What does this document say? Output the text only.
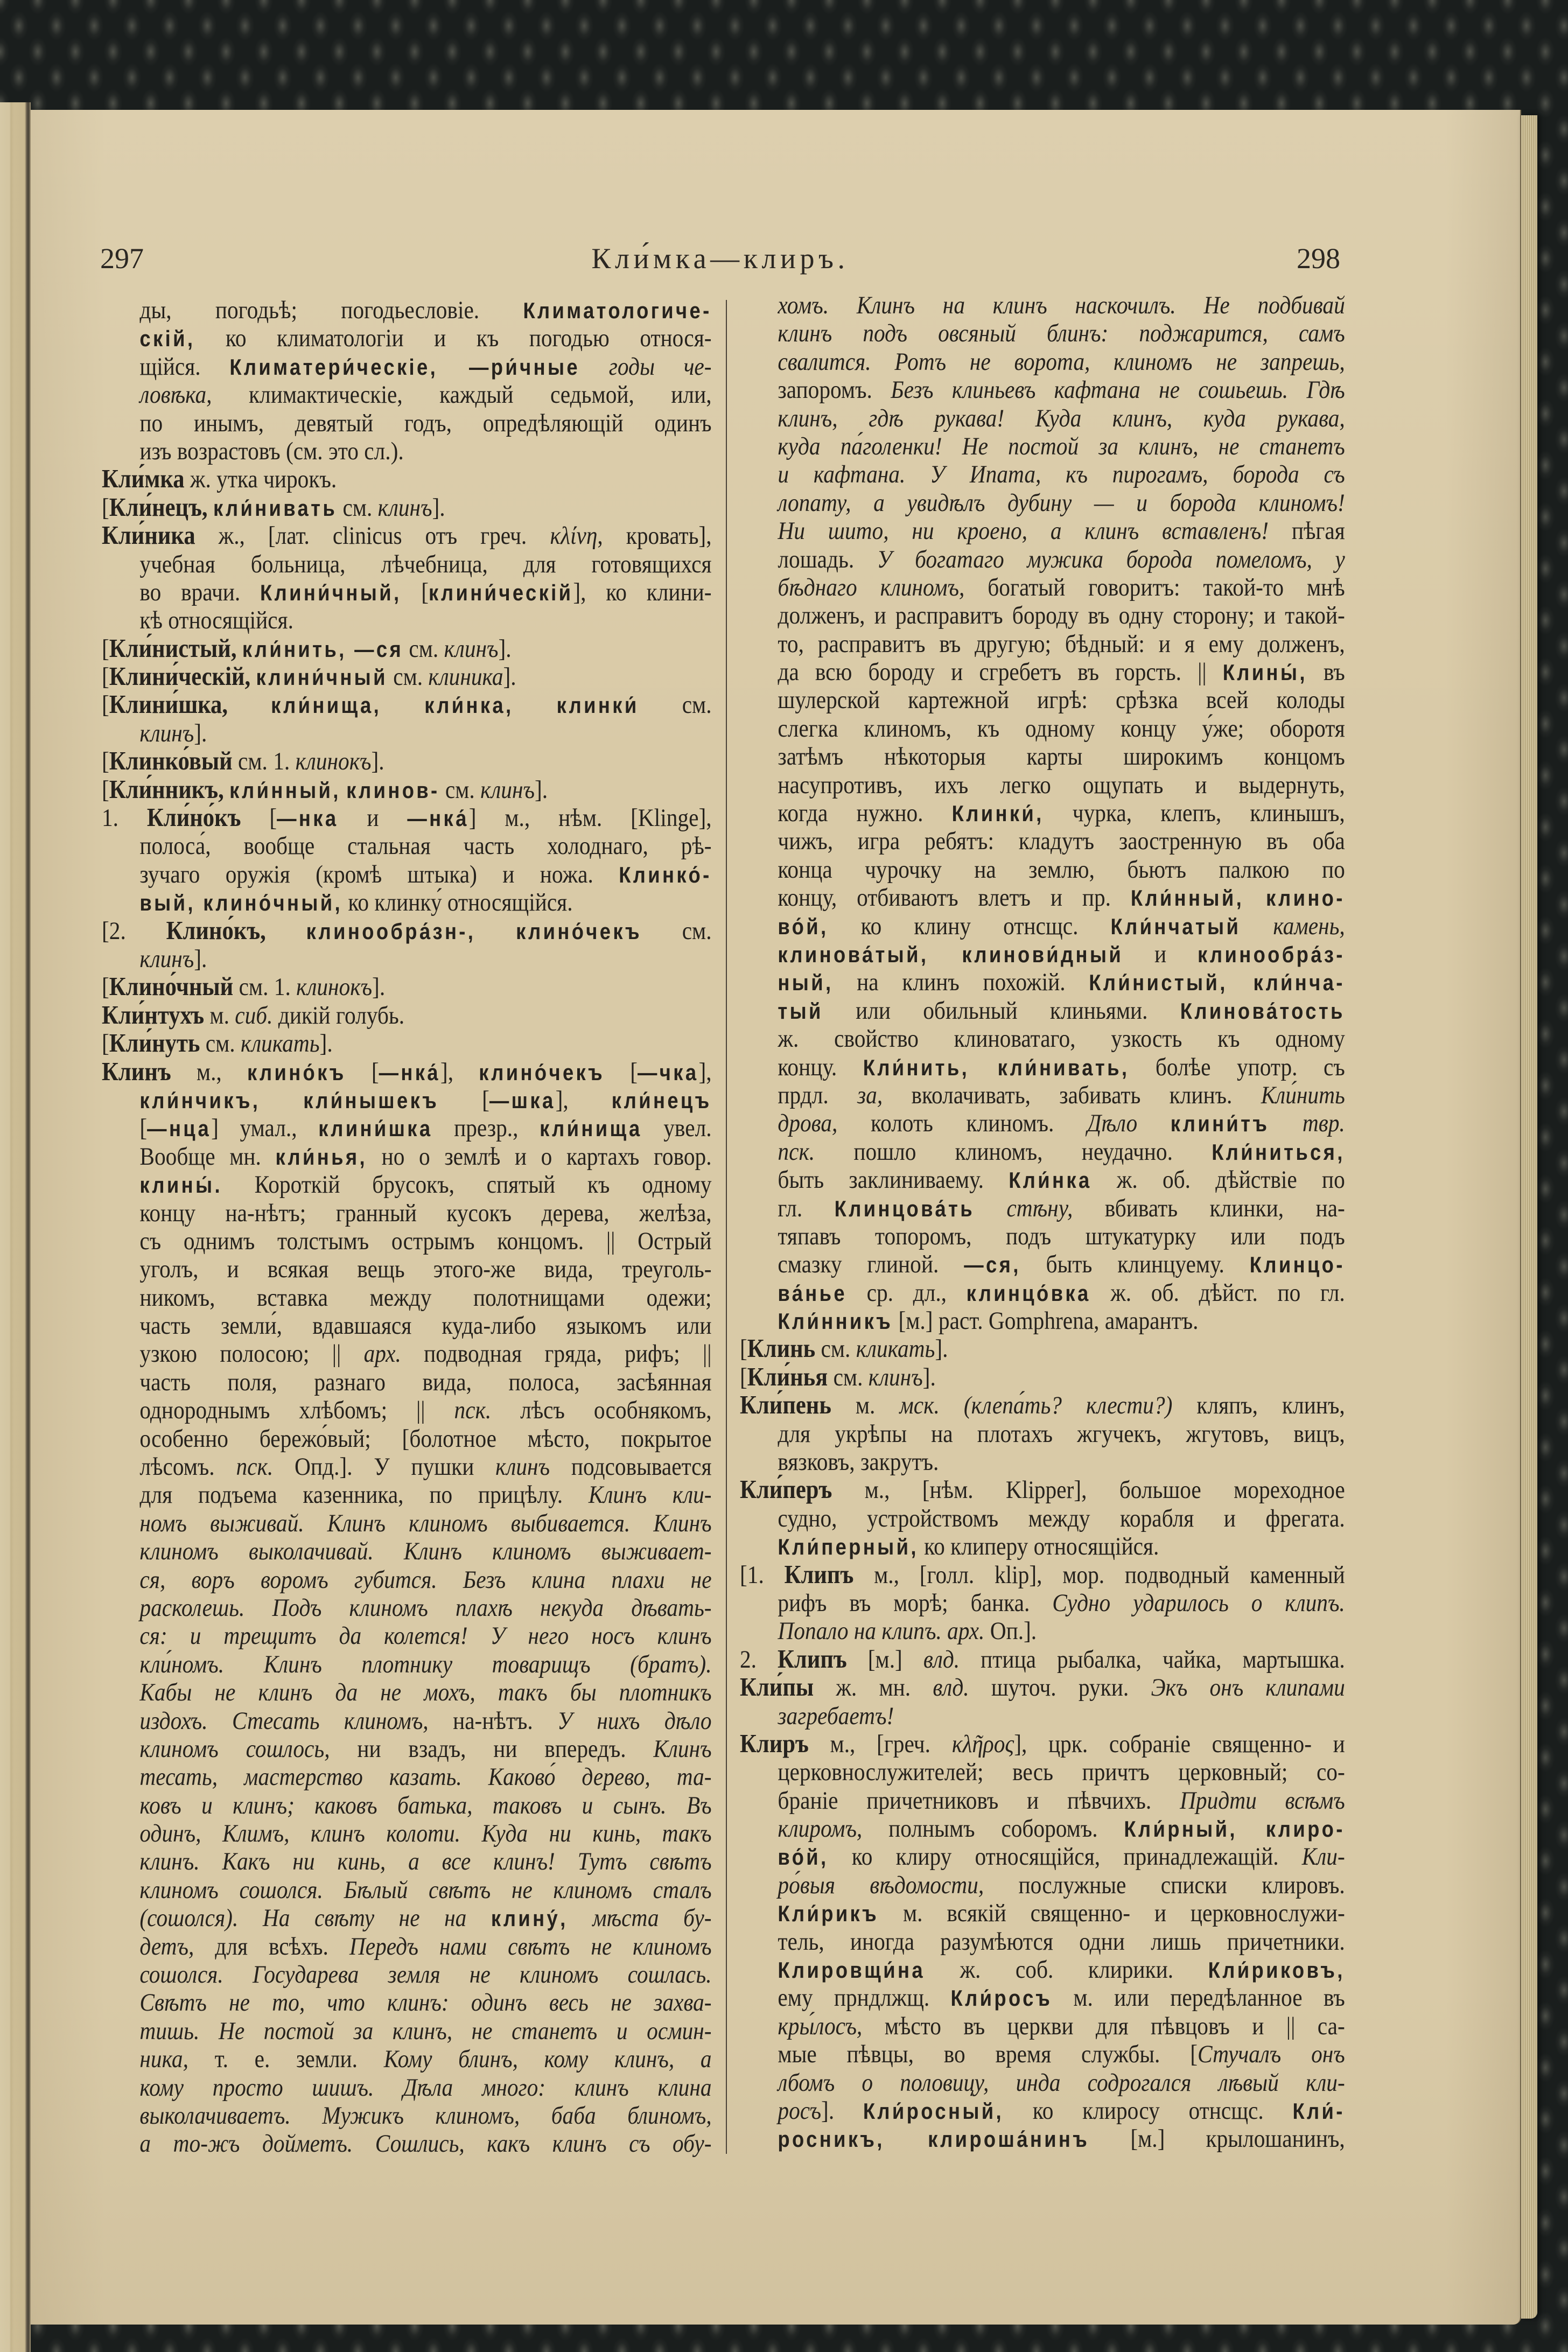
297	Кли́мка—клиръ.	298
ды, погодьѣ; погодьесловіе. Климатологиче-
скій, ко климатологіи и къ погодью относя-
щійся. Климатери́ческіе, —ри́чные годы че-
ловѣка, климактическіе, каждый седьмой, или,
по инымъ, девятый годъ, опредѣляющій одинъ
изъ возрастовъ (см. это сл.).
Кли́мка ж. утка чирокъ.
[Кли́нецъ, кли́нивать см. клинъ].
Кли́ника ж., [лат. clinicus отъ греч. κλίνη, кровать],
учебная больница, лѣчебница, для готовящихся
во врачи. Клини́чный, [клини́ческій], ко клини-
кѣ относящійся.
[Кли́нистый, кли́нить, —ся см. клинъ].
[Клини́ческій, клини́чный см. клиника].
[Клини́шка, кли́нища, кли́нка, клинки́ см.
клинъ].
[Клинко́вый см. 1. клинокъ].
[Кли́нникъ, кли́нный, клинов- см. клинъ].
1. Кли́но́къ [—нка и —нка́] м., нѣм. [Klinge],
полоса́, вообще стальная часть холоднаго, рѣ-
зучаго оружія (кромѣ штыка) и ножа. Клинко́-
вый, клино́чный, ко клинку́ относящійся.
[2. Клино́къ, клинообра́зн-, клино́чекъ см.
клинъ].
[Клино́чный см. 1. клинокъ].
Кли́нтухъ м. сиб. дикій голубь.
[Кли́нуть см. кликать].
Клинъ м., клино́къ [—нка́], клино́чекъ [—чка],
кли́нчикъ, кли́нышекъ [—шка], кли́нецъ
[—нца] умал., клини́шка презр., кли́нища увел.
Вообще мн. кли́нья, но о землѣ и о картахъ говор.
клины́. Короткій брусокъ, спятый къ одному
концу на-нѣтъ; гранный кусокъ дерева, желѣза,
съ однимъ толстымъ острымъ концомъ. || Острый
уголъ, и всякая вещь этого-же вида, треуголь-
никомъ, вставка между полотнищами одежи;
часть земли́, вдавшаяся куда-либо языкомъ или
узкою полосою; || арх. подводная гряда, рифъ; ||
часть поля, разнаго вида, полоса, засѣянная
однороднымъ хлѣбомъ; || пск. лѣсъ особнякомъ,
особенно бережо́вый; [болотное мѣсто, покрытое
лѣсомъ. пск. Опд.]. У пушки клинъ подсовывается
для подъема казенника, по прицѣлу. Клинъ кли-
номъ выживай. Клинъ клиномъ выбивается. Клинъ
клиномъ выколачивай. Клинъ клиномъ выживает-
ся, воръ воромъ губится. Безъ клина плахи не
расколешь. Подъ клиномъ плахѣ некуда дѣвать-
ся: и трещитъ да колется! У него носъ клинъ
кли́номъ. Клинъ плотнику товарищъ (братъ).
Кабы не клинъ да не мохъ, такъ бы плотникъ
издохъ. Стесать клиномъ, на-нѣтъ. У нихъ дѣло
клиномъ сошлось, ни взадъ, ни впередъ. Клинъ
тесать, мастерство казать. Каково́ дерево, та-
ковъ и клинъ; каковъ батька, таковъ и сынъ. Въ
одинъ, Климъ, клинъ колоти. Куда ни кинь, такъ
клинъ. Какъ ни кинь, а все клинъ! Тутъ свѣтъ
клиномъ сошолся. Бѣлый свѣтъ не клиномъ сталъ
(сошолся). На свѣту не на клину́, мѣста бу-
детъ, для всѣхъ. Передъ нами свѣтъ не клиномъ
сошолся. Государева земля не клиномъ сошлась.
Свѣтъ не то, что клинъ: одинъ весь не захва-
тишь. Не постой за клинъ, не станетъ и осмин-
ника, т. е. земли. Кому блинъ, кому клинъ, а
кому просто шишъ. Дѣла много: клинъ клина
выколачиваетъ. Мужикъ клиномъ, баба блиномъ,
а то-жъ дойметъ. Сошлись, какъ клинъ съ обу-
хомъ. Клинъ на клинъ наскочилъ. Не подбивай
клинъ подъ овсяный блинъ: поджарится, самъ
свалится. Ротъ не ворота, клиномъ не запрешь,
запоромъ. Безъ клиньевъ кафтана не сошьешь. Гдѣ
клинъ, гдѣ рукава! Куда клинъ, куда рукава,
куда па́голенки! Не постой за клинъ, не станетъ
и кафтана. У Ипата, къ пирогамъ, борода съ
лопату, а увидѣлъ дубину — и борода клиномъ!
Ни шито, ни кроено, а клинъ вставленъ! пѣгая
лошадь. У богатаго мужика борода помеломъ, у
бѣднаго клиномъ, богатый говоритъ: такой-то мнѣ
долженъ, и расправитъ бороду въ одну сторону; и такой-
то, расправитъ въ другую; бѣдный: и я ему долженъ,
да всю бороду и сгребетъ въ горсть. || Клины́, въ
шулерской картежной игрѣ: срѣзка всей колоды
слегка клиномъ, къ одному концу у́же; оборотя
затѣмъ нѣкоторыя карты широкимъ концомъ
насупротивъ, ихъ легко ощупать и выдернуть,
когда нужно. Клинки́, чурка, клепъ, клинышъ,
чижъ, игра ребятъ: кладутъ заостренную въ оба
конца чурочку на землю, бьютъ палкою по
концу, отбиваютъ влетъ и пр. Кли́нный, клино-
во́й, ко клину отнсщс. Кли́нчатый камень,
клинова́тый, клинови́дный и клинообра́з-
ный, на клинъ похожій. Кли́нистый, кли́нча-
тый или обильный клиньями. Клинова́тость
ж. свойство клиноватаго, узкость къ одному
концу. Кли́нить, кли́нивать, болѣе употр. съ
прдл. за, вколачивать, забивать клинъ. Кли́нить
дрова, колоть клиномъ. Дѣло клини́тъ твр.
пск. пошло клиномъ, неудачно. Кли́ниться,
быть заклиниваему. Кли́нка ж. об. дѣйствіе по
гл. Клинцова́ть стѣну, вбивать клинки, на-
тяпавъ топоромъ, подъ штукатурку или подъ
смазку глиной. —ся, быть клинцуему. Клинцо-
ва́нье ср. дл., клинцо́вка ж. об. дѣйст. по гл.
Кли́нникъ [м.] раст. Gomphrena, амарантъ.
[Клинь см. кликать].
[Кли́нья см. клинъ].
Кли́пень м. мск. (клепа́ть? клести?) кляпъ, клинъ,
для укрѣпы на плотахъ жгучекъ, жгутовъ, вицъ,
вязковъ, закрутъ.
Кли́перъ м., [нѣм. Klipper], большое мореходное
судно, устройствомъ между корабля и фрегата.
Кли́перный, ко клиперу относящійся.
[1. Клипъ м., [голл. klip], мор. подводный каменный
рифъ въ морѣ; банка. Судно ударилось о клипъ.
Попало на клипъ. арх. Оп.].
2. Клипъ [м.] влд. птица рыбалка, чайка, мартышка.
Кли́пы ж. мн. влд. шуточ. руки. Экъ онъ клипами
загребаетъ!
Клиръ м., [греч. κλῆρος], црк. собраніе священно- и
церковнослужителей; весь причтъ церковный; со-
браніе причетниковъ и пѣвчихъ. Придти всѣмъ
клиромъ, полнымъ соборомъ. Кли́рный, клиро-
во́й, ко клиру относящійся, принадлежащій. Кли-
ро́выя вѣдомости, послужные списки клировъ.
Кли́рикъ м. всякій священно- и церковнослужи-
тель, иногда разумѣются одни лишь причетники.
Клировщи́на ж. соб. клирики. Кли́риковъ,
ему прндлжщ. Кли́росъ м. или передѣланное въ
кры́лосъ, мѣсто въ церкви для пѣвцовъ и || са-
мые пѣвцы, во время службы. [Стучалъ онъ
лбомъ о половицу, инда содрогался лѣвый кли-
росъ]. Кли́росный, ко клиросу отнсщс. Кли́-
росникъ, клироша́нинъ [м.] крылошанинъ,
